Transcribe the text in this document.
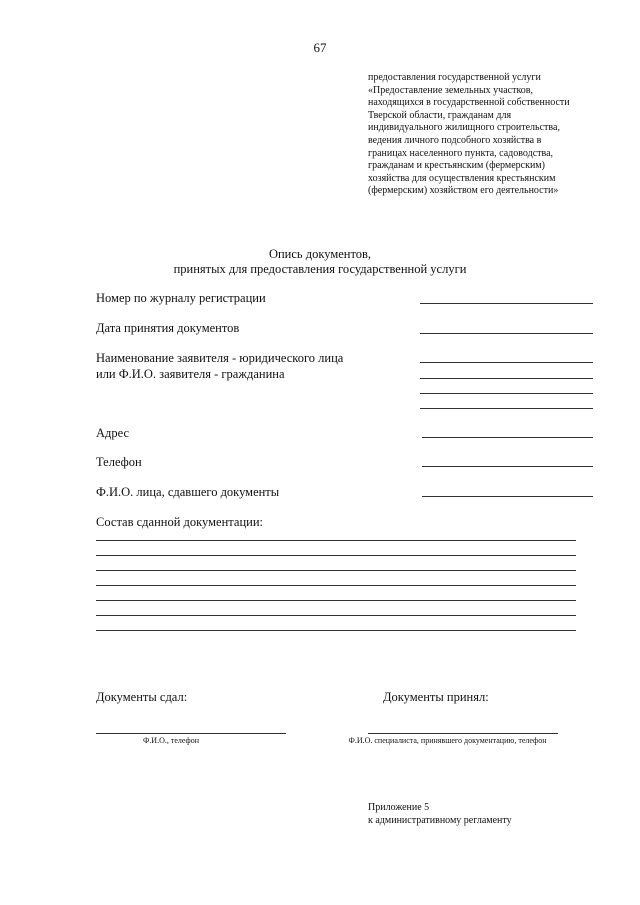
67
предоставления государственной услуги
«Предоставление земельных участков,
находящихся в государственной собственности
Тверской области, гражданам для
индивидуального жилищного строительства,
ведения личного подсобного хозяйства в
границах населенного пункта, садоводства,
гражданам и крестьянским (фермерским)
хозяйства для осуществления крестьянским
(фермерским) хозяйством его деятельности»
Опись документов,
принятых для предоставления государственной услуги
Номер по журналу регистрации
Дата принятия документов
Наименование заявителя - юридического лица
или Ф.И.О. заявителя - гражданина
Адрес
Телефон
Ф.И.О. лица, сдавшего документы
Состав сданной документации:
Документы сдал:	Документы принял:
Ф.И.О., телефон	Ф.И.О. специалиста, принявшего документацию, телефон
Приложение 5
к административному регламенту
